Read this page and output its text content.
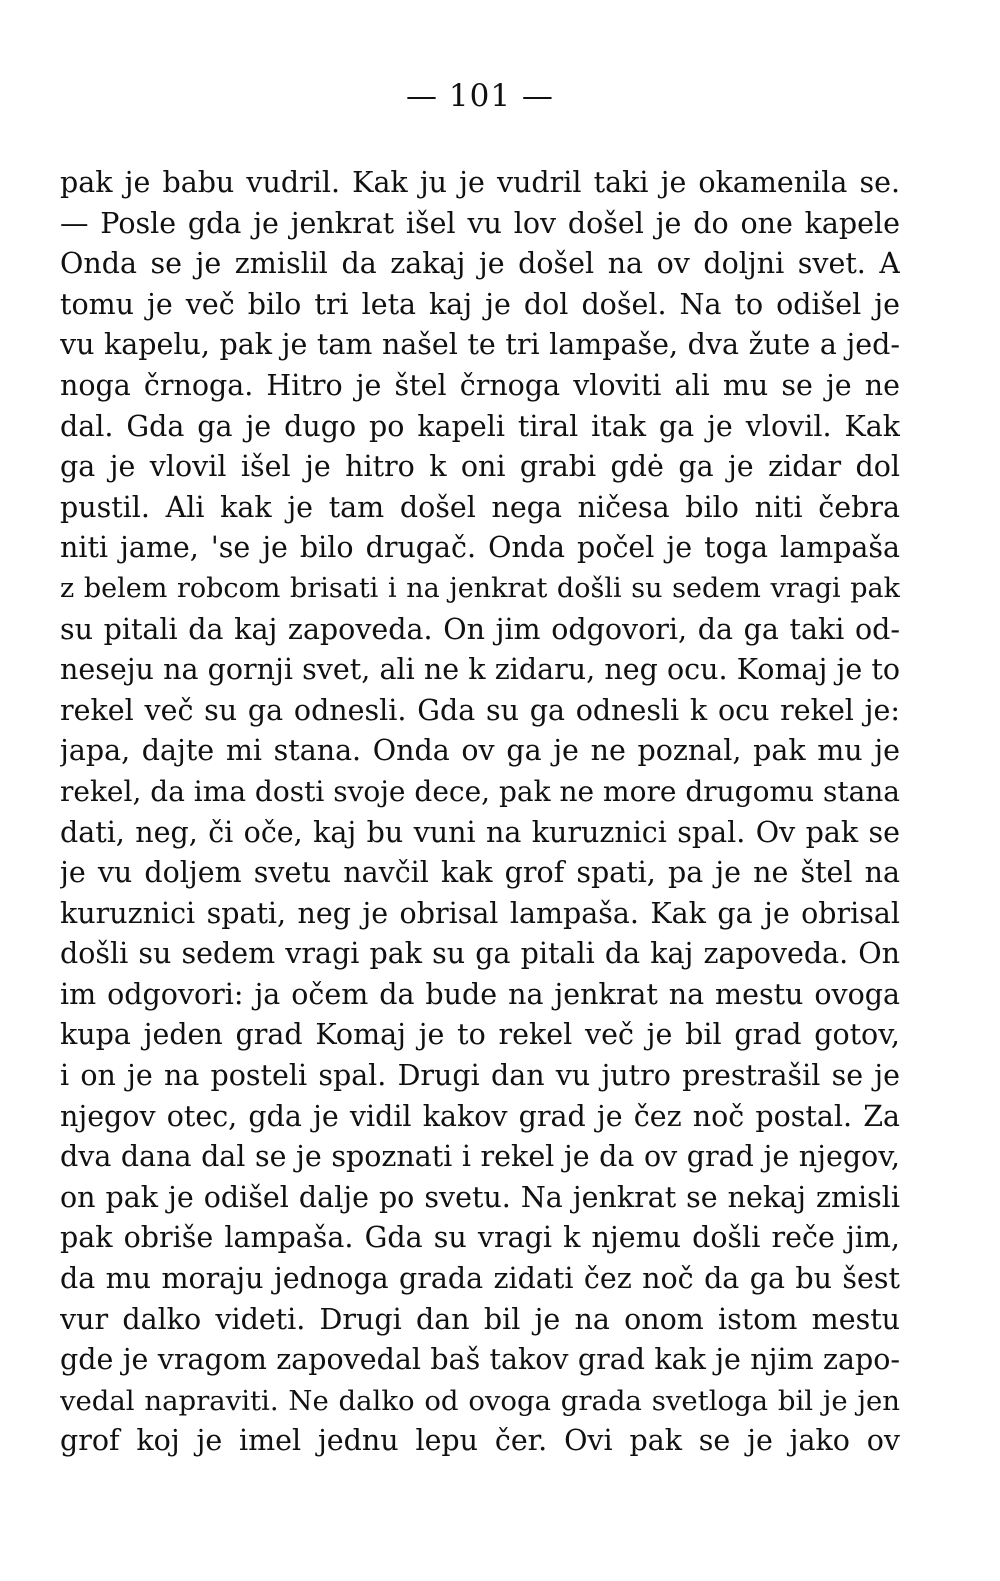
— 101 —
pak je babu vudril. Kak ju je vudril taki je okamenila se.
— Posle gda je jenkrat išel vu lov došel je do one kapele
Onda se je zmislil da zakaj je došel na ov doljni svet. A
tomu je več bilo tri leta kaj je dol došel. Na to odišel je
vu kapelu, pak je tam našel te tri lampaše, dva žute a jed-
noga črnoga. Hitro je štel črnoga vloviti ali mu se je ne
dal. Gda ga je dugo po kapeli tiral itak ga je vlovil. Kak
ga je vlovil išel je hitro k oni grabi gdė ga je zidar dol
pustil. Ali kak je tam došel nega ničesa bilo niti čebra
niti jame, 'se je bilo drugač. Onda počel je toga lampaša
z belem robcom brisati i na jenkrat došli su sedem vragi pak
su pitali da kaj zapoveda. On jim odgovori, da ga taki od-
neseju na gornji svet, ali ne k zidaru, neg ocu. Komaj je to
rekel več su ga odnesli. Gda su ga odnesli k ocu rekel je:
japa, dajte mi stana. Onda ov ga je ne poznal, pak mu je
rekel, da ima dosti svoje dece, pak ne more drugomu stana
dati, neg, či oče, kaj bu vuni na kuruznici spal. Ov pak se
je vu doljem svetu navčil kak grof spati, pa je ne štel na
kuruznici spati, neg je obrisal lampaša. Kak ga je obrisal
došli su sedem vragi pak su ga pitali da kaj zapoveda. On
im odgovori: ja očem da bude na jenkrat na mestu ovoga
kupa jeden grad Komaj je to rekel več je bil grad gotov,
i on je na posteli spal. Drugi dan vu jutro prestrašil se je
njegov otec, gda je vidil kakov grad je čez noč postal. Za
dva dana dal se je spoznati i rekel je da ov grad je njegov,
on pak je odišel dalje po svetu. Na jenkrat se nekaj zmisli
pak obriše lampaša. Gda su vragi k njemu došli reče jim,
da mu moraju jednoga grada zidati čez noč da ga bu šest
vur dalko videti. Drugi dan bil je na onom istom mestu
gde je vragom zapovedal baš takov grad kak je njim zapo-
vedal napraviti. Ne dalko od ovoga grada svetloga bil je jen
grof koj je imel jednu lepu čer. Ovi pak se je jako ov
